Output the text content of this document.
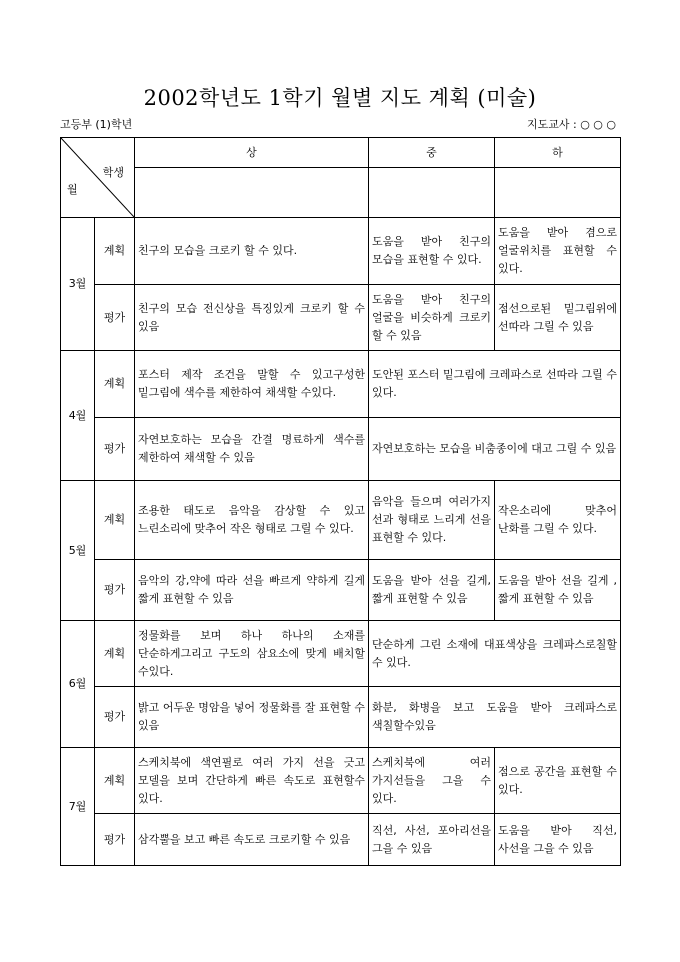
2002학년도 1학기 월별 지도 계획 (미술)
고등부 (1)학년	지도교사 : ○ ○ ○
학생
월		상	중	하

3월	계획	친구의 모습을 크로키 할 수 있다.	도움을 받아 친구의 모습을 표현할 수 있다.	도움을 받아 겸으로 얼굴위치를 표현할 수 있다.
	평가	친구의 모습 전신상을 특징있게 크로키 할 수 있음	도움을 받아 친구의 얼굴을 비슷하게 크로키 할 수 있음	점선으로된 밑그림위에 선따라 그릴 수 있음
4월	계획	포스터 제작 조건을 말할 수 있고구성한 밑그림에 색수를 제한하여 채색할 수있다.	도안된 포스터 밑그림에 크레파스로 선따라 그릴 수 있다.	
	평가	자연보호하는 모습을 간결 명료하게 색수를 제한하여 채색할 수 있음	자연보호하는 모습을 비춤종이에 대고 그릴 수 있음	
5월	계획	조용한 태도로 음악을 감상할 수 있고 느린소리에 맞추어 작은 형태로 그릴 수 있다.	음악을 들으며 여러가지 선과 형태로 느리게 선을 표현할 수 있다.	작은소리에 맞추어 난화를 그릴 수 있다.
	평가	음악의 강,약에 따라 선을 빠르게 약하게 길게 짧게 표현할 수 있음	도움을 받아 선을 길게, 짧게 표현할 수 있음	도움을 받아 선을 길게 , 짧게 표현할 수 있음
6월	계획	정물화를 보며 하나 하나의 소재를 단순하게그리고 구도의 삼요소에 맞게 배치할 수있다.	단순하게 그린 소재에 대표색상을 크레파스로칠할 수 있다.	
	평가	밝고 어두운 명암을 넣어 정물화를 잘 표현할 수 있음	화분, 화병을 보고 도움을 받아 크레파스로 색칠할수있음	
7월	계획	스케치북에 색연필로 여러 가지 선을 긋고 모델을 보며 간단하게 빠른 속도로 표현할수 있다.	스케치북에 여러 가지선들을 그을 수 있다.	점으로 공간을 표현할 수 있다.
	평가	삼각뿔을 보고 빠른 속도로 크로키할 수 있음	직선, 사선, 포아리선을 그을 수 있음	도움을 받아 직선, 사선을 그을 수 있음
